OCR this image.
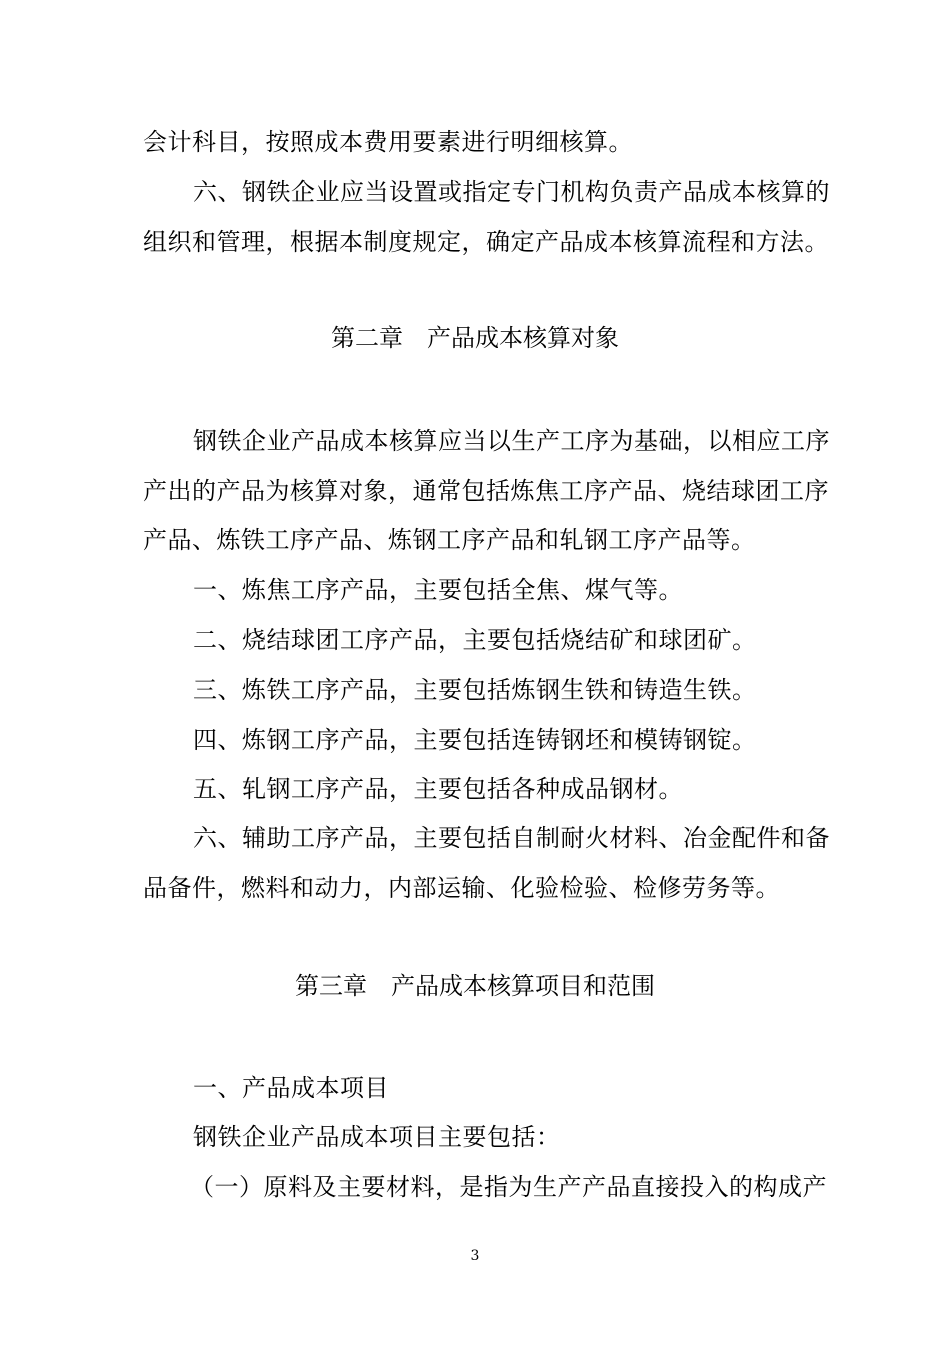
会计科目，按照成本费用要素进行明细核算。
六、钢铁企业应当设置或指定专门机构负责产品成本核算的
组织和管理，根据本制度规定，确定产品成本核算流程和方法。
第二章　产品成本核算对象
钢铁企业产品成本核算应当以生产工序为基础，以相应工序
产出的产品为核算对象，通常包括炼焦工序产品、烧结球团工序
产品、炼铁工序产品、炼钢工序产品和轧钢工序产品等。
一、炼焦工序产品，主要包括全焦、煤气等。
二、烧结球团工序产品，主要包括烧结矿和球团矿。
三、炼铁工序产品，主要包括炼钢生铁和铸造生铁。
四、炼钢工序产品，主要包括连铸钢坯和模铸钢锭。
五、轧钢工序产品，主要包括各种成品钢材。
六、辅助工序产品，主要包括自制耐火材料、冶金配件和备
品备件，燃料和动力，内部运输、化验检验、检修劳务等。
第三章　产品成本核算项目和范围
一、产品成本项目
钢铁企业产品成本项目主要包括：
（一）原料及主要材料，是指为生产产品直接投入的构成产
3
